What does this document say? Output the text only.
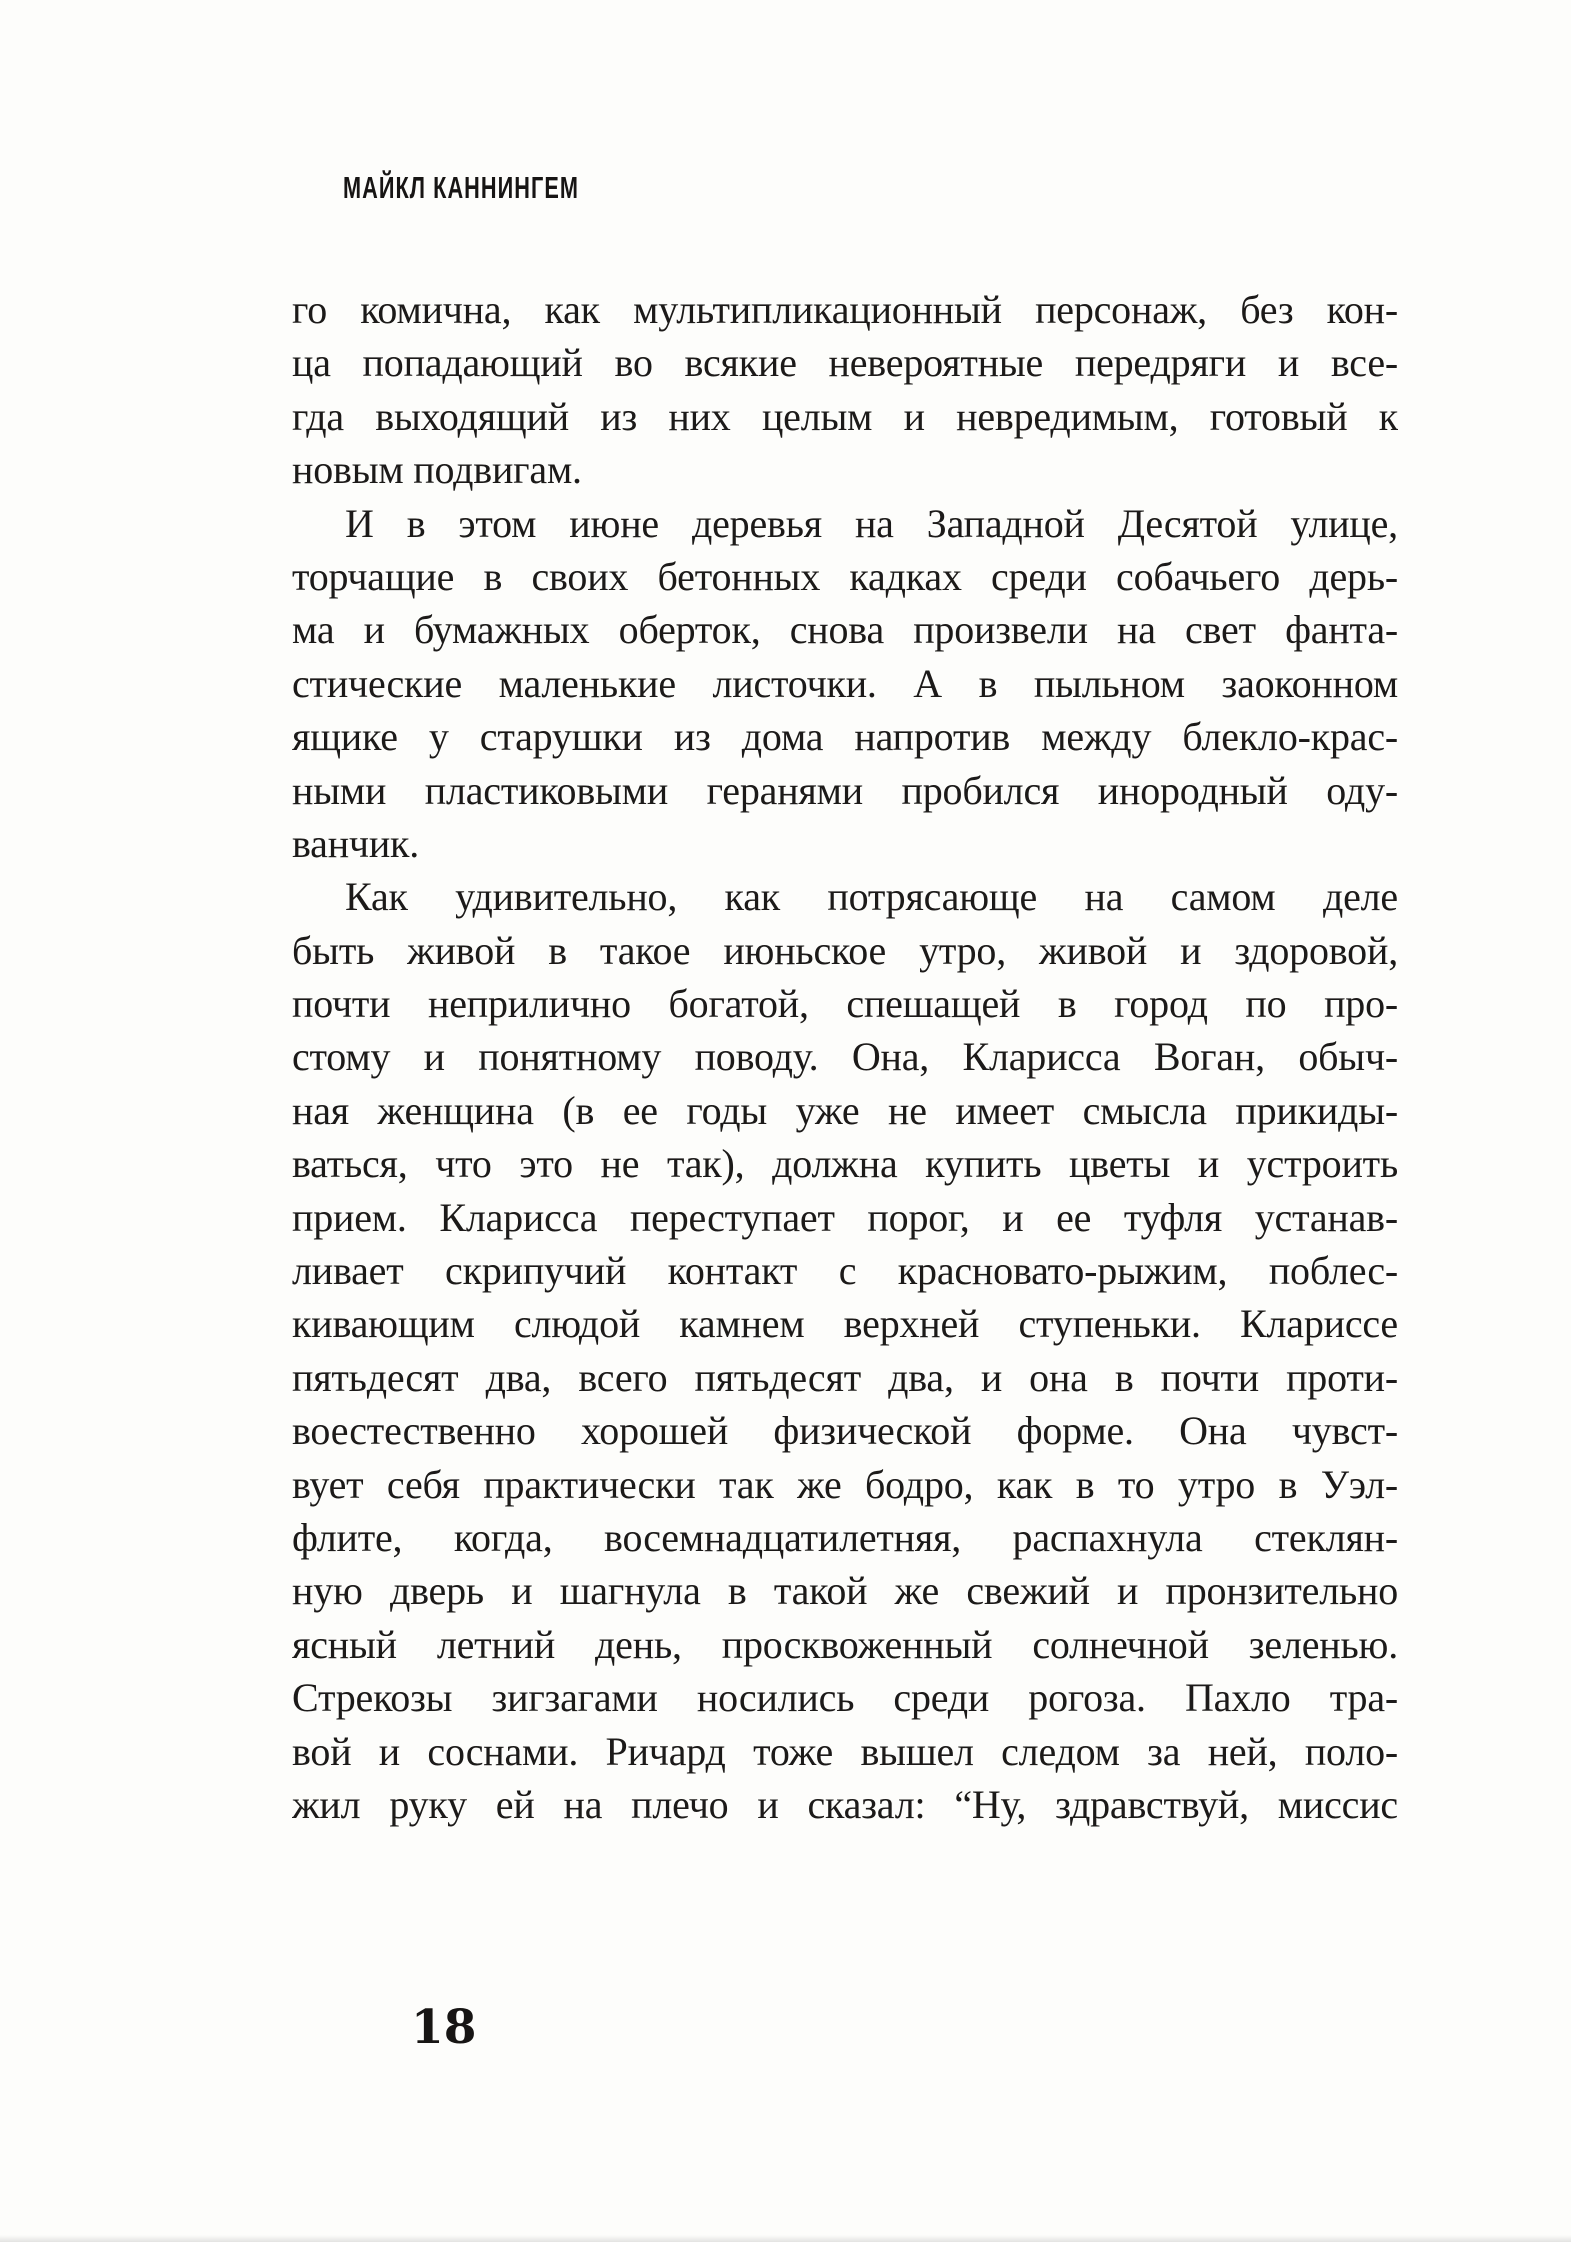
МАЙКЛ КАННИНГЕМ
го комична, как мультипликационный персонаж, без кон-
ца попадающий во всякие невероятные передряги и все-
гда выходящий из них целым и невредимым, готовый к
новым подвигам.
И в этом июне деревья на Западной Десятой улице,
торчащие в своих бетонных кадках среди собачьего дерь-
ма и бумажных оберток, снова произвели на свет фанта-
стические маленькие листочки. А в пыльном заоконном
ящике у старушки из дома напротив между блекло-крас-
ными пластиковыми геранями пробился инородный оду-
ванчик.
Как удивительно, как потрясающе на самом деле
быть живой в такое июньское утро, живой и здоровой,
почти неприлично богатой, спешащей в город по про-
стому и понятному поводу. Она, Кларисса Воган, обыч-
ная женщина (в ее годы уже не имеет смысла прикиды-
ваться, что это не так), должна купить цветы и устроить
прием. Кларисса переступает порог, и ее туфля устанав-
ливает скрипучий контакт с красновато-рыжим, поблес-
кивающим слюдой камнем верхней ступеньки. Клариссе
пятьдесят два, всего пятьдесят два, и она в почти проти-
воестественно хорошей физической форме. Она чувст-
вует себя практически так же бодро, как в то утро в Уэл-
флите, когда, восемнадцатилетняя, распахнула стеклян-
ную дверь и шагнула в такой же свежий и пронзительно
ясный летний день, просквоженный солнечной зеленью.
Стрекозы зигзагами носились среди рогоза. Пахло тра-
вой и соснами. Ричард тоже вышел следом за ней, поло-
жил руку ей на плечо и сказал: “Ну, здравствуй, миссис
18
